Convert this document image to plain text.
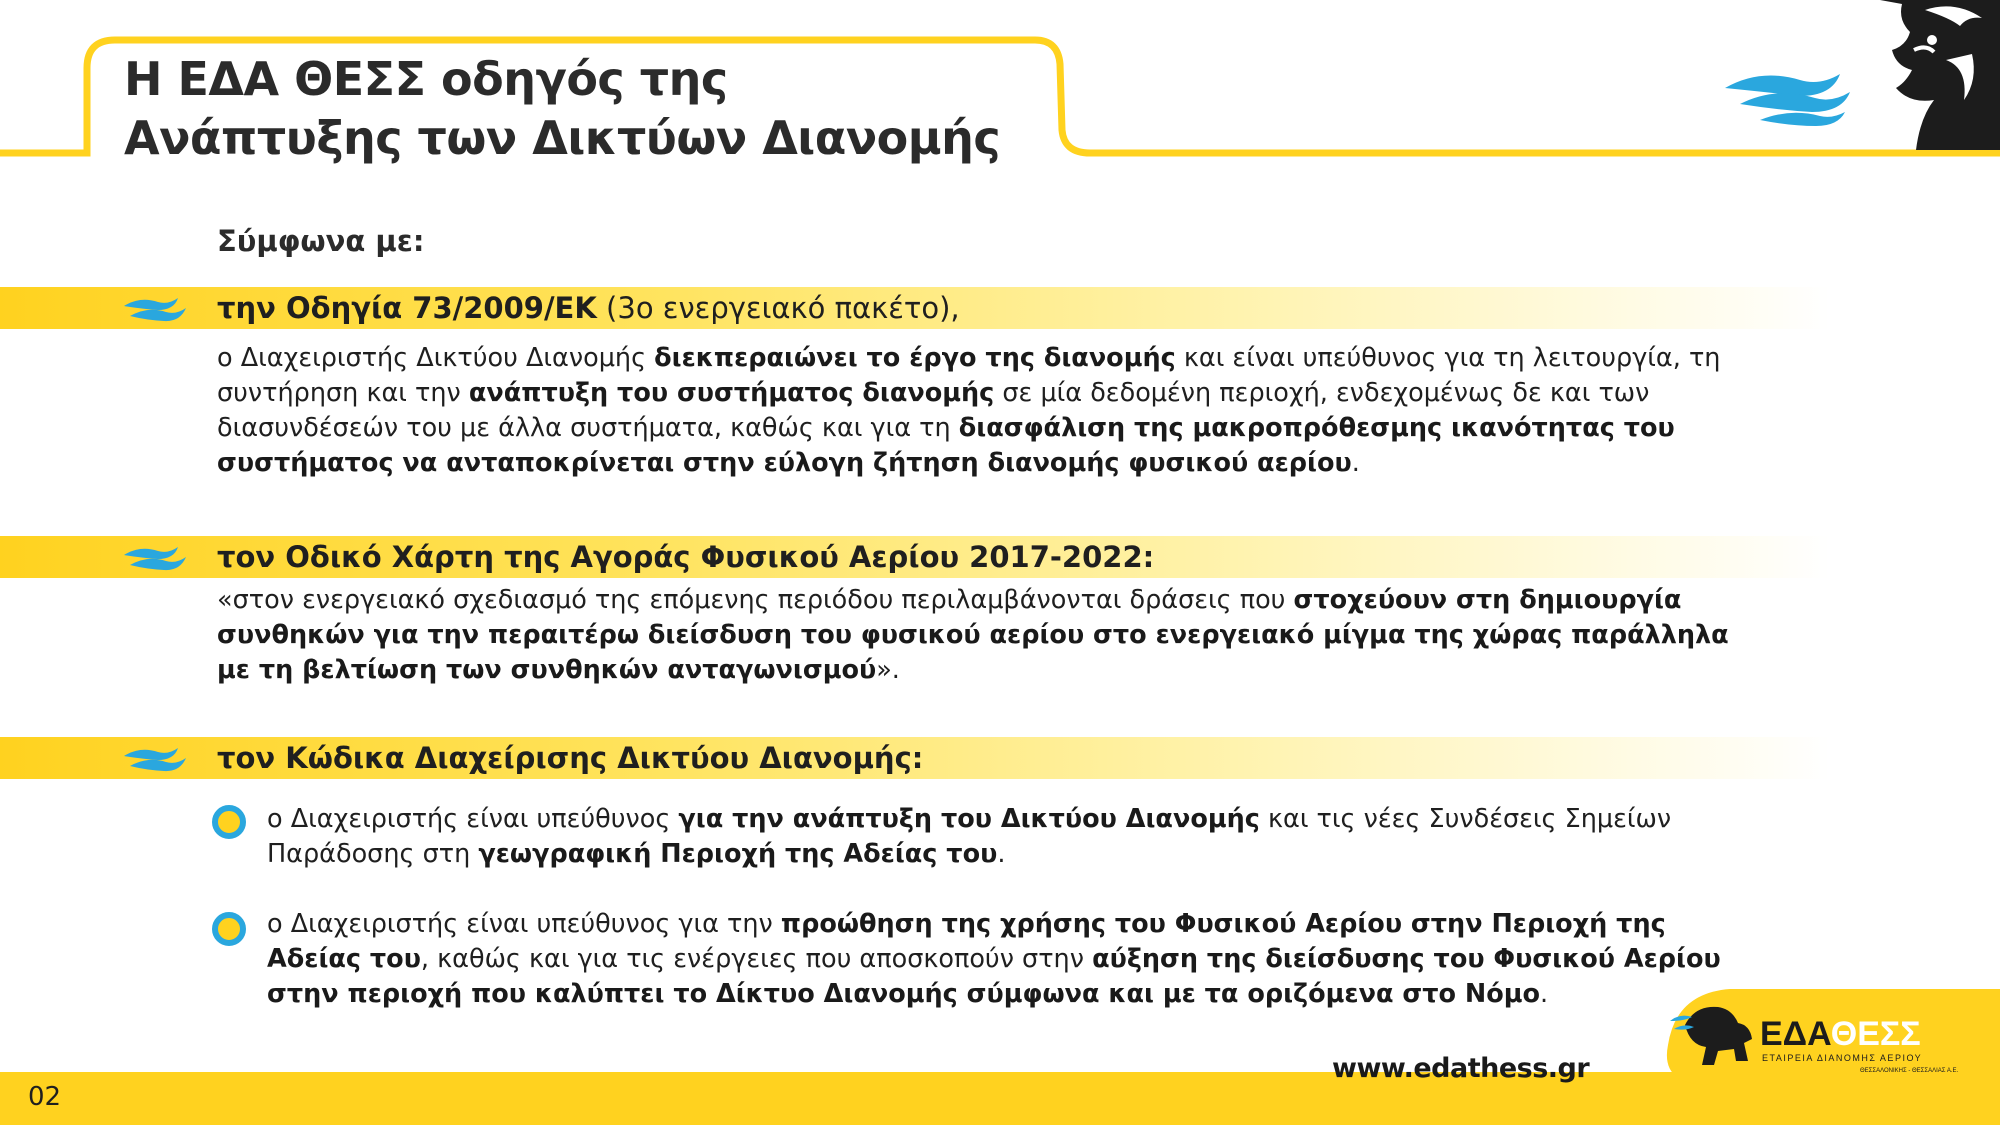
Η ΕΔΑ ΘΕΣΣ οδηγός της
Ανάπτυξης των Δικτύων Διανομής
Σύμφωνα με:
την Οδηγία 73/2009/ΕΚ (3ο ενεργειακό πακέτο),
ο Διαχειριστής Δικτύου Διανομής διεκπεραιώνει το έργο της διανομής και είναι υπεύθυνος για τη λειτουργία, τη
συντήρηση και την ανάπτυξη του συστήματος διανομής σε μία δεδομένη περιοχή, ενδεχομένως δε και των
διασυνδέσεών του με άλλα συστήματα, καθώς και για τη διασφάλιση της μακροπρόθεσμης ικανότητας του
συστήματος να ανταποκρίνεται στην εύλογη ζήτηση διανομής φυσικού αερίου.
τον Οδικό Χάρτη της Αγοράς Φυσικού Αερίου 2017-2022:
«στον ενεργειακό σχεδιασμό της επόμενης περιόδου περιλαμβάνονται δράσεις που στοχεύουν στη δημιουργία
συνθηκών για την περαιτέρω διείσδυση του φυσικού αερίου στο ενεργειακό μίγμα της χώρας παράλληλα
με τη βελτίωση των συνθηκών ανταγωνισμού».
τον Κώδικα Διαχείρισης Δικτύου Διανομής:
ο Διαχειριστής είναι υπεύθυνος για την ανάπτυξη του Δικτύου Διανομής και τις νέες Συνδέσεις Σημείων
Παράδοσης στη γεωγραφική Περιοχή της Αδείας του.
ο Διαχειριστής είναι υπεύθυνος για την προώθηση της χρήσης του Φυσικού Αερίου στην Περιοχή της
Αδείας του, καθώς και για τις ενέργειες που αποσκοπούν στην αύξηση της διείσδυσης του Φυσικού Αερίου
στην περιοχή που καλύπτει το Δίκτυο Διανομής σύμφωνα και με τα οριζόμενα στο Νόμο.
02
www.edathess.gr
ΕΔΑΘΕΣΣ
ΕΤΑΙΡΕΙΑ ΔΙΑΝΟΜΗΣ ΑΕΡΙΟΥ
ΘΕΣΣΑΛΟΝΙΚΗΣ - ΘΕΣΣΑΛΙΑΣ Α.Ε.
